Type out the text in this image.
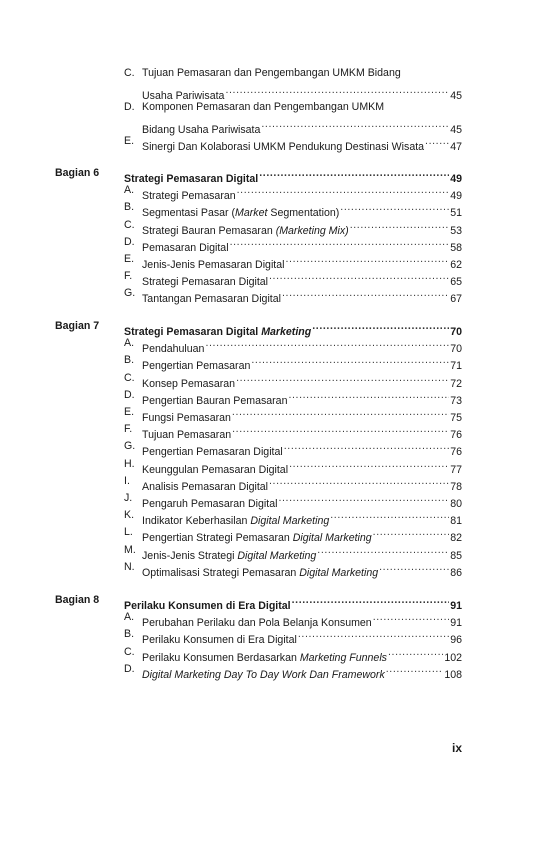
C. Tujuan Pemasaran dan Pengembangan UMKM Bidang
Usaha Pariwisata .....	45
D. Komponen Pemasaran dan Pengembangan UMKM
Bidang Usaha Pariwisata .....	45
E. Sinergi Dan Kolaborasi UMKM Pendukung Destinasi Wisata ..... 47
Bagian 6 Strategi Pemasaran Digital .....	49
A. Strategi Pemasaran .....	49
B. Segmentasi Pasar (Market Segmentation) .....	51
C. Strategi Bauran Pemasaran (Marketing Mix) .....	53
D. Pemasaran Digital .....	58
E. Jenis-Jenis Pemasaran Digital .....	62
F. Strategi Pemasaran Digital .....	65
G. Tantangan Pemasaran Digital .....	67
Bagian 7 Strategi Pemasaran Digital Marketing .....	70
A. Pendahuluan .....	70
B. Pengertian Pemasaran .....	71
C. Konsep Pemasaran .....	72
D. Pengertian Bauran Pemasaran .....	73
E. Fungsi Pemasaran .....	75
F. Tujuan Pemasaran .....	76
G. Pengertian Pemasaran Digital .....	76
H. Keunggulan Pemasaran Digital .....	77
I. Analisis Pemasaran Digital .....	78
J. Pengaruh Pemasaran Digital .....	80
K. Indikator Keberhasilan Digital Marketing .....	81
L. Pengertian Strategi Pemasaran Digital Marketing .....	82
M. Jenis-Jenis Strategi Digital Marketing .....	85
N. Optimalisasi Strategi Pemasaran Digital Marketing .....	86
Bagian 8 Perilaku Konsumen di Era Digital .....	91
A. Perubahan Perilaku dan Pola Belanja Konsumen .....	91
B. Perilaku Konsumen di Era Digital .....	96
C. Perilaku Konsumen Berdasarkan Marketing Funnels .....	102
D. Digital Marketing Day To Day Work Dan Framework .....	108
ix
